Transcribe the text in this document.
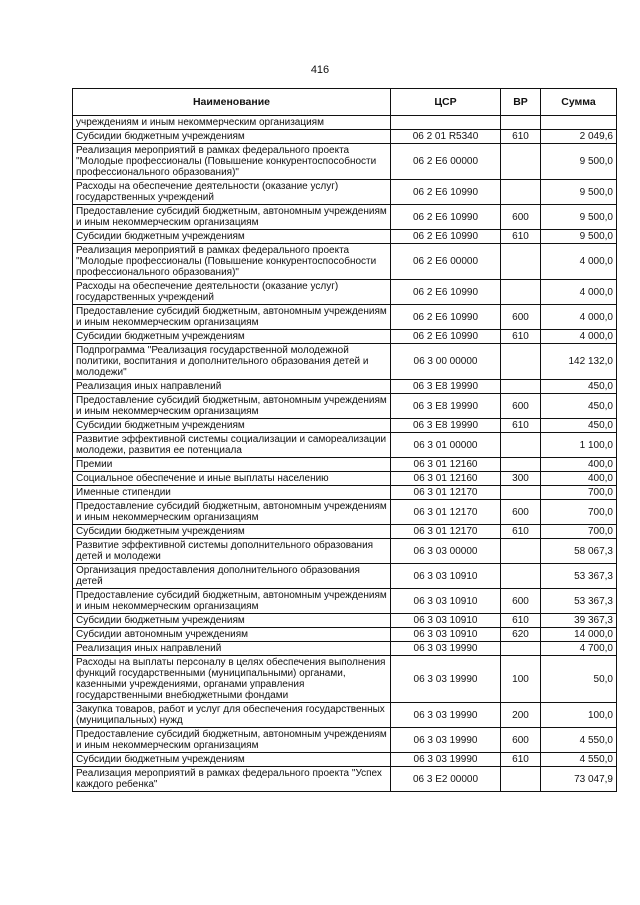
416
Наименование	ЦСР	ВР	Сумма
учреждениям и иным некоммерческим организациям			
Субсидии бюджетным учреждениям	06 2 01 R5340	610	2 049,6
Реализация мероприятий в рамках федерального проекта "Молодые профессионалы (Повышение конкурентоспособности профессионального образования)"	06 2 E6 00000		9 500,0
Расходы на обеспечение деятельности (оказание услуг) государственных учреждений	06 2 E6 10990		9 500,0
Предоставление субсидий бюджетным, автономным учреждениям и иным некоммерческим организациям	06 2 E6 10990	600	9 500,0
Субсидии бюджетным учреждениям	06 2 E6 10990	610	9 500,0
Реализация мероприятий в рамках федерального проекта "Молодые профессионалы (Повышение конкурентоспособности профессионального образования)"	06 2 E6 00000		4 000,0
Расходы на обеспечение деятельности (оказание услуг) государственных учреждений	06 2 E6 10990		4 000,0
Предоставление субсидий бюджетным, автономным учреждениям и иным некоммерческим организациям	06 2 E6 10990	600	4 000,0
Субсидии бюджетным учреждениям	06 2 E6 10990	610	4 000,0
Подпрограмма "Реализация государственной молодежной политики, воспитания и дополнительного образования детей и молодежи"	06 3 00 00000		142 132,0
Реализация иных направлений	06 3 E8 19990		450,0
Предоставление субсидий бюджетным, автономным учреждениям и иным некоммерческим организациям	06 3 E8 19990	600	450,0
Субсидии бюджетным учреждениям	06 3 E8 19990	610	450,0
Развитие эффективной системы социализации и самореализации молодежи, развития ее потенциала	06 3 01 00000		1 100,0
Премии	06 3 01 12160		400,0
Социальное обеспечение и иные выплаты населению	06 3 01 12160	300	400,0
Именные стипендии	06 3 01 12170		700,0
Предоставление субсидий бюджетным, автономным учреждениям и иным некоммерческим организациям	06 3 01 12170	600	700,0
Субсидии бюджетным учреждениям	06 3 01 12170	610	700,0
Развитие эффективной системы дополнительного образования детей и молодежи	06 3 03 00000		58 067,3
Организация предоставления дополнительного образования детей	06 3 03 10910		53 367,3
Предоставление субсидий бюджетным, автономным учреждениям и иным некоммерческим организациям	06 3 03 10910	600	53 367,3
Субсидии бюджетным учреждениям	06 3 03 10910	610	39 367,3
Субсидии автономным учреждениям	06 3 03 10910	620	14 000,0
Реализация иных направлений	06 3 03 19990		4 700,0
Расходы на выплаты персоналу в целях обеспечения выполнения функций государственными (муниципальными) органами, казенными учреждениями, органами управления государственными внебюджетными фондами	06 3 03 19990	100	50,0
Закупка товаров, работ и услуг для обеспечения государственных (муниципальных) нужд	06 3 03 19990	200	100,0
Предоставление субсидий бюджетным, автономным учреждениям и иным некоммерческим организациям	06 3 03 19990	600	4 550,0
Субсидии бюджетным учреждениям	06 3 03 19990	610	4 550,0
Реализация мероприятий в рамках федерального проекта "Успех каждого ребенка"	06 3 E2 00000		73 047,9
